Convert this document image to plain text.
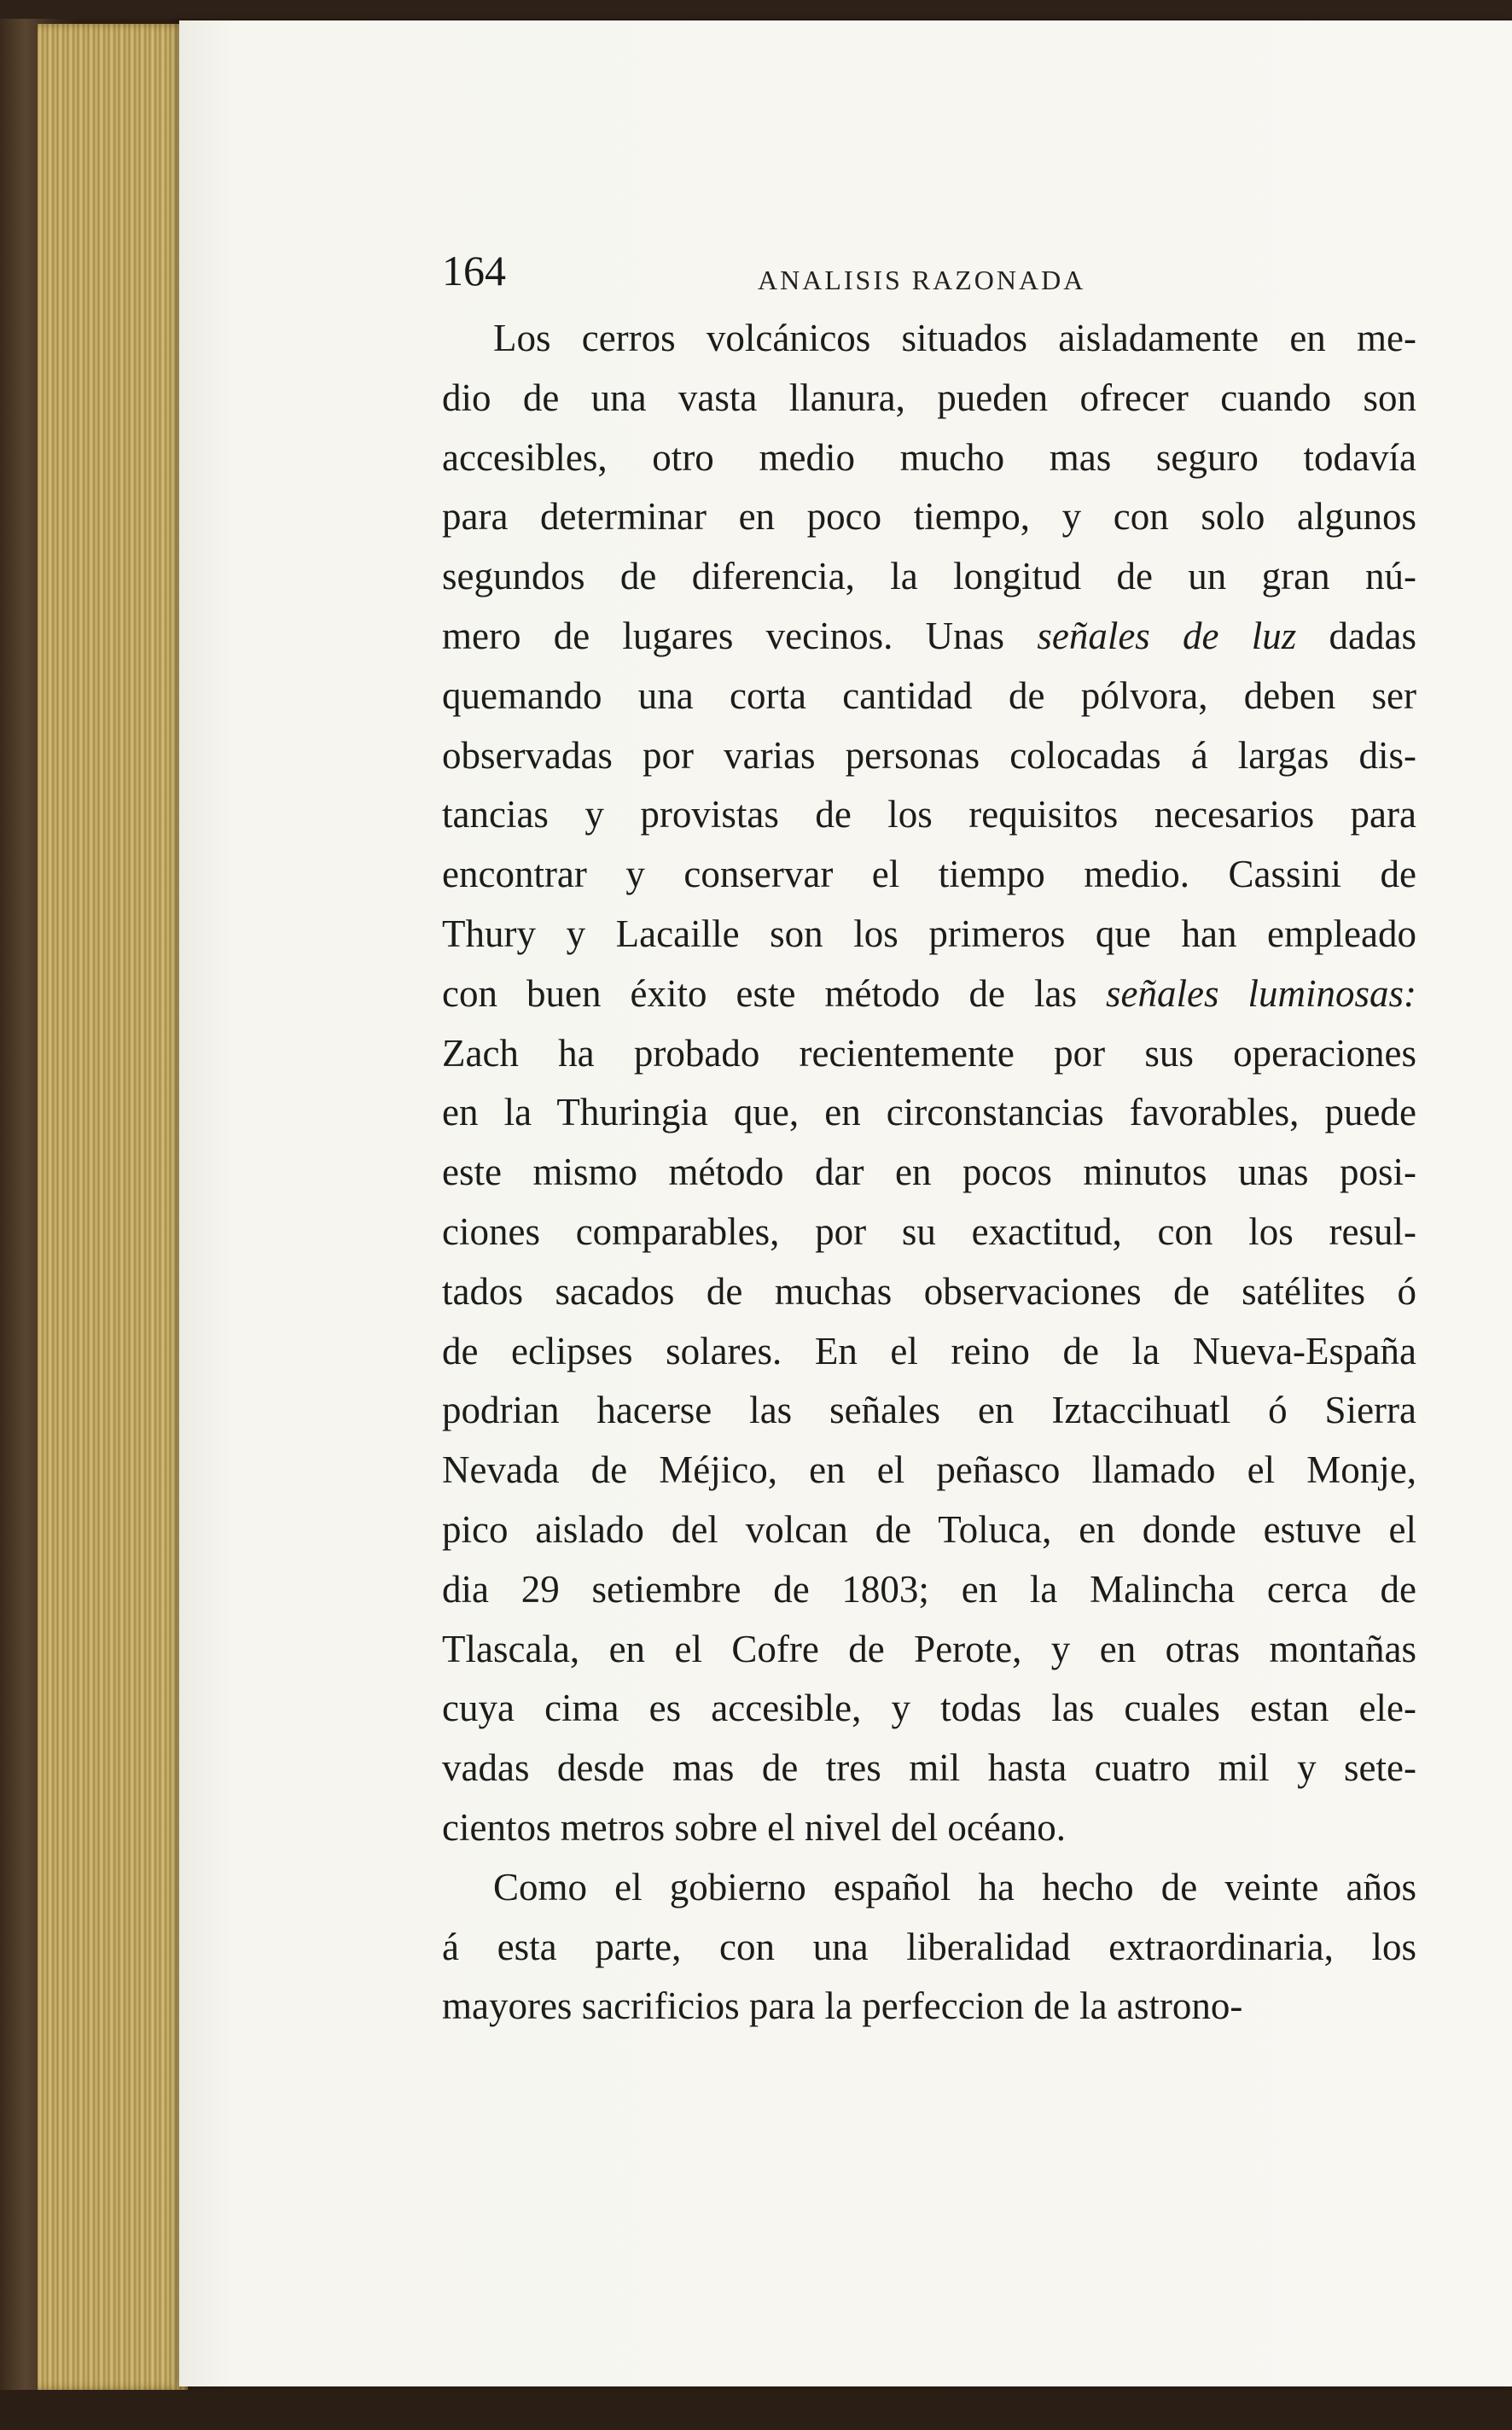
164	ANALISIS RAZONADA
Los cerros volcánicos situados aisladamente en me-
dio de una vasta llanura, pueden ofrecer cuando son
accesibles, otro medio mucho mas seguro todavía
para determinar en poco tiempo, y con solo algunos
segundos de diferencia, la longitud de un gran nú-
mero de lugares vecinos. Unas señales de luz dadas
quemando una corta cantidad de pólvora, deben ser
observadas por varias personas colocadas á largas dis-
tancias y provistas de los requisitos necesarios para
encontrar y conservar el tiempo medio. Cassini de
Thury y Lacaille son los primeros que han empleado
con buen éxito este método de las señales luminosas:
Zach ha probado recientemente por sus operaciones
en la Thuringia que, en circonstancias favorables, puede
este mismo método dar en pocos minutos unas posi-
ciones comparables, por su exactitud, con los resul-
tados sacados de muchas observaciones de satélites ó
de eclipses solares. En el reino de la Nueva-España
podrian hacerse las señales en Iztaccihuatl ó Sierra
Nevada de Méjico, en el peñasco llamado el Monje,
pico aislado del volcan de Toluca, en donde estuve el
dia 29 setiembre de 1803; en la Malincha cerca de
Tlascala, en el Cofre de Perote, y en otras montañas
cuya cima es accesible, y todas las cuales estan ele-
vadas desde mas de tres mil hasta cuatro mil y sete-
cientos metros sobre el nivel del océano.
Como el gobierno español ha hecho de veinte años
á esta parte, con una liberalidad extraordinaria, los
mayores sacrificios para la perfeccion de la astrono-
